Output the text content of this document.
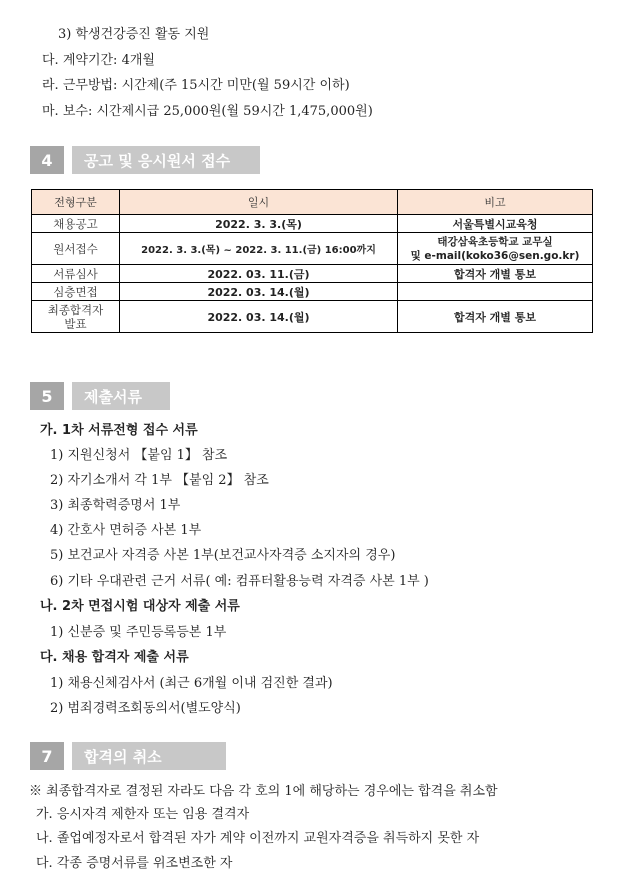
3) 학생건강증진 활동 지원
다. 계약기간: 4개월
라. 근무방법: 시간제(주 15시간 미만(월 59시간 이하)
마. 보수: 시간제시급 25,000원(월 59시간 1,475,000원)
4	공고 및 응시원서 접수
전형구분	일시	비고
채용공고	2022. 3. 3.(목)	서울특별시교육청
원서접수	2022. 3. 3.(목) ~ 2022. 3. 11.(금) 16:00까지	태강삼육초등학교 교무실
및 e-mail(koko36@sen.go.kr)

서류심사	2022. 03. 11.(금)	합격자 개별 통보
심층면접	2022. 03. 14.(월)	

최종합격자
발표	2022. 03. 14.(월)	합격자 개별 통보
5	제출서류
가. 1차 서류전형 접수 서류
1) 지원신청서 【붙임 1】 참조
2) 자기소개서 각 1부 【붙임 2】 참조
3) 최종학력증명서 1부
4) 간호사 면허증 사본 1부
5) 보건교사 자격증 사본 1부(보건교사자격증 소지자의 경우)
6) 기타 우대관련 근거 서류( 예: 컴퓨터활용능력 자격증 사본 1부 )
나. 2차 면접시험 대상자 제출 서류
1) 신분증 및 주민등록등본 1부
다. 채용 합격자 제출 서류
1) 채용신체검사서 (최근 6개월 이내 검진한 결과)
2) 범죄경력조회동의서(별도양식)
7	합격의 취소
※ 최종합격자로 결정된 자라도 다음 각 호의 1에 해당하는 경우에는 합격을 취소함
가. 응시자격 제한자 또는 임용 결격자
나. 졸업예정자로서 합격된 자가 계약 이전까지 교원자격증을 취득하지 못한 자
다. 각종 증명서류를 위조변조한 자
